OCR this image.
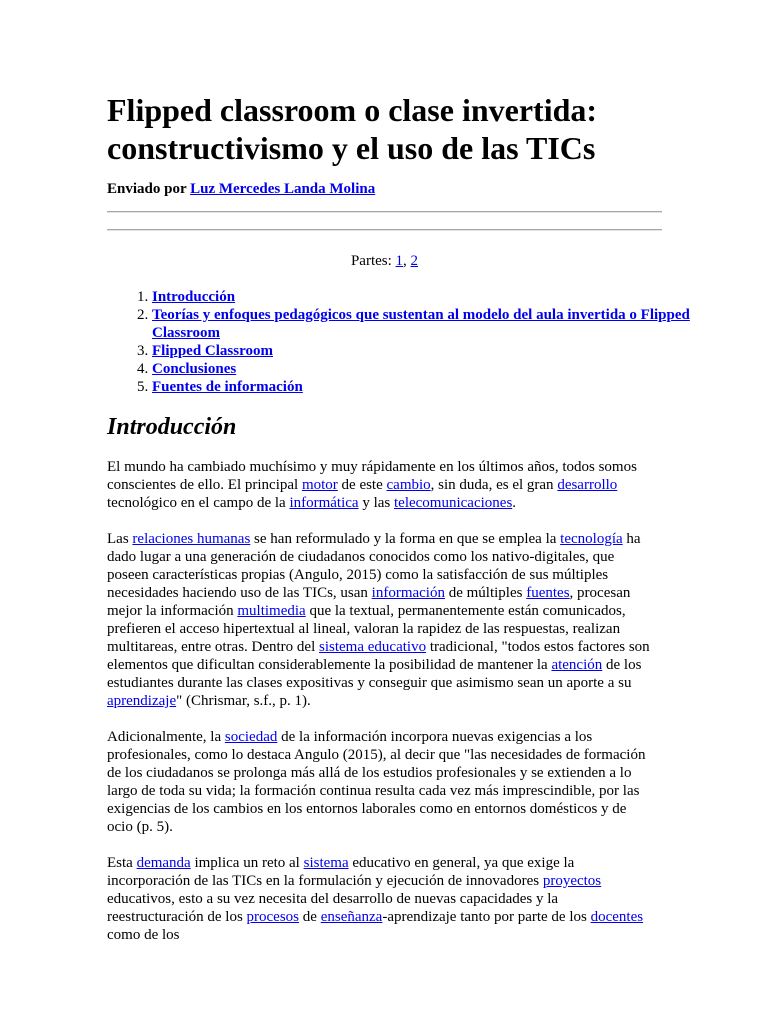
Flipped classroom o clase invertida: constructivismo y el uso de las TICs
Enviado por Luz Mercedes Landa Molina
Partes: 1, 2
1. Introducción
2. Teorías y enfoques pedagógicos que sustentan al modelo del aula invertida o Flipped Classroom
3. Flipped Classroom
4. Conclusiones
5. Fuentes de información
Introducción

El mundo ha cambiado muchísimo y muy rápidamente en los últimos años, todos somos conscientes de ello. El principal motor de este cambio, sin duda, es el gran desarrollo tecnológico en el campo de la informática y las telecomunicaciones.

Las relaciones humanas se han reformulado y la forma en que se emplea la tecnología ha dado lugar a una generación de ciudadanos conocidos como los nativo-digitales, que poseen características propias (Angulo, 2015) como la satisfacción de sus múltiples necesidades haciendo uso de las TICs, usan información de múltiples fuentes, procesan mejor la información multimedia que la textual, permanentemente están comunicados, prefieren el acceso hipertextual al lineal, valoran la rapidez de las respuestas, realizan multitareas, entre otras. Dentro del sistema educativo tradicional, "todos estos factores son elementos que dificultan considerablemente la posibilidad de mantener la atención de los estudiantes durante las clases expositivas y conseguir que asimismo sean un aporte a su aprendizaje" (Chrismar, s.f., p. 1).

Adicionalmente, la sociedad de la información incorpora nuevas exigencias a los profesionales, como lo destaca Angulo (2015), al decir que "las necesidades de formación de los ciudadanos se prolonga más allá de los estudios profesionales y se extienden a lo largo de toda su vida; la formación continua resulta cada vez más imprescindible, por las exigencias de los cambios en los entornos laborales como en entornos domésticos y de ocio (p. 5).

Esta demanda implica un reto al sistema educativo en general, ya que exige la incorporación de las TICs en la formulación y ejecución de innovadores proyectos educativos, esto a su vez necesita del desarrollo de nuevas capacidades y la reestructuración de los procesos de enseñanza-aprendizaje tanto por parte de los docentes como de los
